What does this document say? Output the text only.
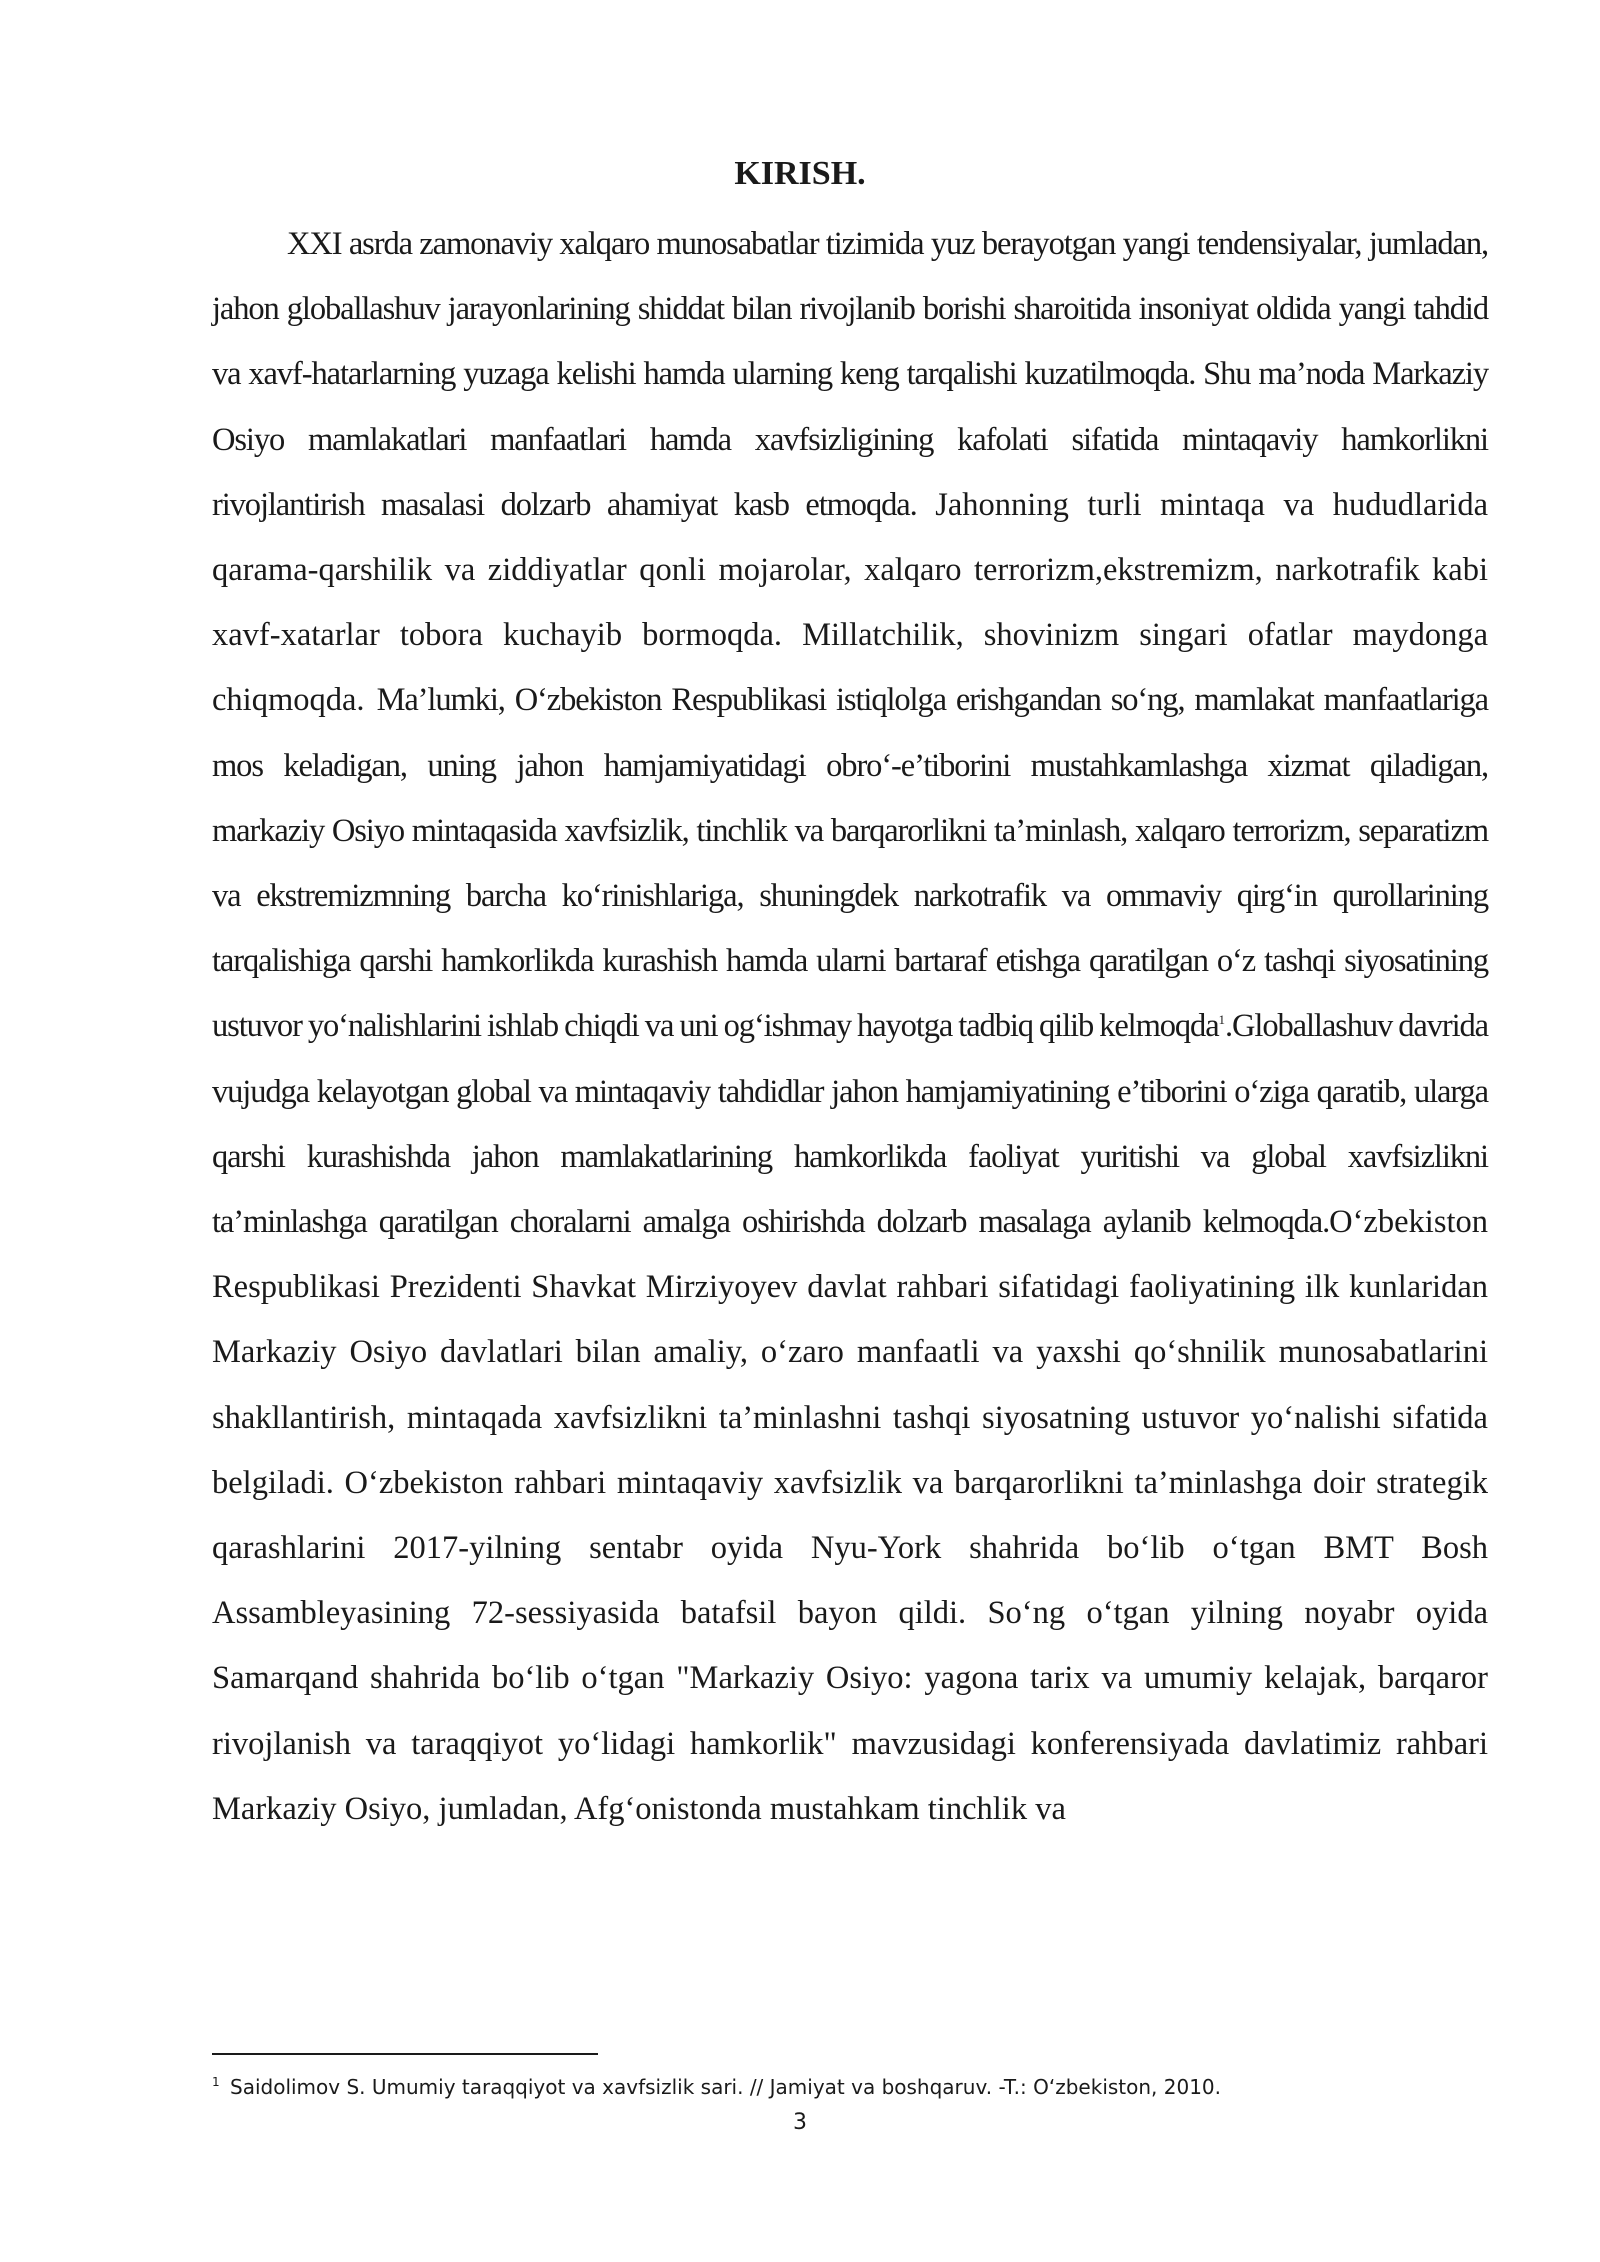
KIRISH.

XXI asrda zamonaviy xalqaro munosabatlar tizimida yuz berayotgan yangi tendensiyalar, jumladan, jahon globallashuv jarayonlarining shiddat bilan rivojlanib borishi sharoitida insoniyat oldida yangi tahdid va xavf-hatarlarning yuzaga kelishi hamda ularning keng tarqalishi kuzatilmoqda. Shu ma’noda Markaziy Osiyo mamlakatlari manfaatlari hamda xavfsizligining kafolati sifatida mintaqaviy hamkorlikni rivojlantirish masalasi dolzarb ahamiyat kasb etmoqda. Jahonning turli mintaqa va hududlarida qarama-qarshilik va ziddiyatlar qonli mojarolar, xalqaro terrorizm,ekstremizm, narkotrafik kabi xavf-xatarlar tobora kuchayib bormoqda. Millatchilik, shovinizm singari ofatlar maydonga chiqmoqda. Ma’lumki, O‘zbekiston Respublikasi istiqlolga erishgandan so‘ng, mamlakat manfaatlariga mos keladigan, uning jahon hamjamiyatidagi obro‘-e’tiborini mustahkamlashga xizmat qiladigan, markaziy Osiyo mintaqasida xavfsizlik, tinchlik va barqarorlikni ta’minlash, xalqaro terrorizm, separatizm va ekstremizmning barcha ko‘rinishlariga, shuningdek narkotrafik va ommaviy qirg‘in qurollarining tarqalishiga qarshi hamkorlikda kurashish hamda ularni bartaraf etishga qaratilgan o‘z tashqi siyosatining ustuvor yo‘nalishlarini ishlab chiqdi va uni og‘ishmay hayotga tadbiq qilib kelmoqda$^1$.Globallashuv davrida vujudga kelayotgan global va mintaqaviy tahdidlar jahon hamjamiyatining e’tiborini o‘ziga qaratib, ularga qarshi kurashishda jahon mamlakatlarining hamkorlikda faoliyat yuritishi va global xavfsizlikni ta’minlashga qaratilgan choralarni amalga oshirishda dolzarb masalaga aylanib kelmoqda.O‘zbekiston Respublikasi Prezidenti Shavkat Mirziyoyev davlat rahbari sifatidagi faoliyatining ilk kunlaridan Markaziy Osiyo davlatlari bilan amaliy, o‘zaro manfaatli va yaxshi qo‘shnilik munosabatlarini shakllantirish, mintaqada xavfsizlikni ta’minlashni tashqi siyosatning ustuvor yo‘nalishi sifatida belgiladi. O‘zbekiston rahbari mintaqaviy xavfsizlik va barqarorlikni ta’minlashga doir strategik qarashlarini 2017-yilning sentabr oyida Nyu-York shahrida bo‘lib o‘tgan BMT Bosh Assambleyasining 72-sessiyasida batafsil bayon qildi. So‘ng o‘tgan yilning noyabr oyida Samarqand shahrida bo‘lib o‘tgan "Markaziy Osiyo: yagona tarix va umumiy kelajak, barqaror rivojlanish va taraqqiyot yo‘lidagi hamkorlik" mavzusidagi konferensiyada davlatimiz rahbari Markaziy Osiyo, jumladan, Afg‘onistonda mustahkam tinchlik va

$^1$ Saidolimov S. Umumiy taraqqiyot va xavfsizlik sari. // Jamiyat va boshqaruv. -T.: O‘zbekiston, 2010.
3
